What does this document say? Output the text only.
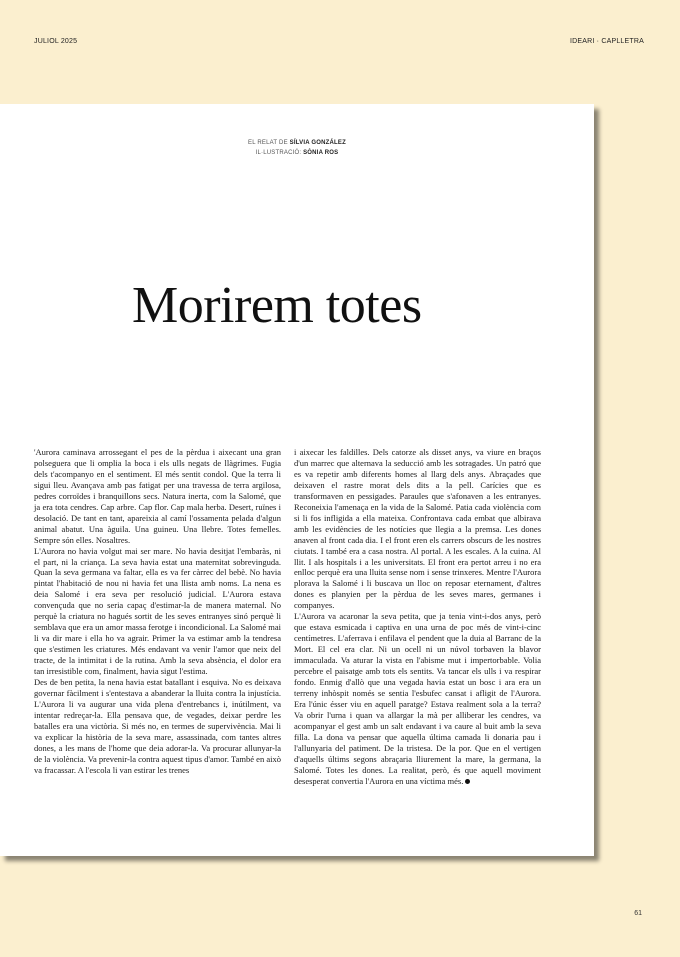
JULIOL 2025	IDEARI · CAPLLETRA
EL RELAT DE SÍLVIA GONZÁLEZ
IL·LUSTRACIÓ: SÒNIA ROS
Morirem totes

'Aurora caminava arrossegant el pes de la pèrdua i aixecant una gran polseguera que li omplia la boca i els ulls negats de llàgrimes. Fugia dels t'acompanyo en el sentiment. El més sentit condol. Que la terra li sigui lleu. Avançava amb pas fatigat per una travessa de terra argilosa, pedres corroïdes i branquillons secs. Natura inerta, com la Salomé, que ja era tota cendres. Cap arbre. Cap flor. Cap mala herba. Desert, ruïnes i desolació. De tant en tant, apareixia al camí l'ossamenta pelada d'algun animal abatut. Una àguila. Una guineu. Una llebre. Totes femelles. Sempre són elles. Nosaltres.

L'Aurora no havia volgut mai ser mare. No havia desitjat l'embaràs, ni el part, ni la criança. La seva havia estat una maternitat sobrevinguda. Quan la seva germana va faltar, ella es va fer càrrec del bebè. No havia pintat l'habitació de nou ni havia fet una llista amb noms. La nena es deia Salomé i era seva per resolució judicial. L'Aurora estava convençuda que no seria capaç d'estimar-la de manera maternal. No perquè la criatura no hagués sortit de les seves entranyes sinó perquè li semblava que era un amor massa ferotge i incondicional. La Salomé mai li va dir mare i ella ho va agrair. Primer la va estimar amb la tendresa que s'estimen les criatures. Més endavant va venir l'amor que neix del tracte, de la intimitat i de la rutina. Amb la seva absència, el dolor era tan irresistible com, finalment, havia sigut l'estima.

Des de ben petita, la nena havia estat batallant i esquiva. No es deixava governar fàcilment i s'entestava a abanderar la lluita contra la injustícia. L'Aurora li va augurar una vida plena d'entrebancs i, inútilment, va intentar redreçar-la. Ella pensava que, de vegades, deixar perdre les batalles era una victòria. Si més no, en termes de supervivència. Mai li va explicar la història de la seva mare, assassinada, com tantes altres dones, a les mans de l'home que deia adorar-la. Va procurar allunyar-la de la violència. Va prevenir-la contra aquest tipus d'amor. També en això va fracassar. A l'escola li van estirar les trenes

i aixecar les faldilles. Dels catorze als disset anys, va viure en braços d'un marrec que alternava la seducció amb les sotragades. Un patró que es va repetir amb diferents homes al llarg dels anys. Abraçades que deixaven el rastre morat dels dits a la pell. Carícies que es transformaven en pessigades. Paraules que s'afonaven a les entranyes. Reconeixia l'amenaça en la vida de la Salomé. Patia cada violència com si li fos infligida a ella mateixa. Confrontava cada embat que albirava amb les evidències de les notícies que llegia a la premsa. Les dones anaven al front cada dia. I el front eren els carrers obscurs de les nostres ciutats. I també era a casa nostra. Al portal. A les escales. A la cuina. Al llit. I als hospitals i a les universitats. El front era pertot arreu i no era enlloc perquè era una lluita sense nom i sense trinxeres. Mentre l'Aurora plorava la Salomé i li buscava un lloc on reposar eternament, d'altres dones es planyien per la pèrdua de les seves mares, germanes i companyes.

L'Aurora va acaronar la seva petita, que ja tenia vint-i-dos anys, però que estava esmicada i captiva en una urna de poc més de vint-i-cinc centímetres. L'aferrava i enfilava el pendent que la duia al Barranc de la Mort. El cel era clar. Ni un ocell ni un núvol torbaven la blavor immaculada. Va aturar la vista en l'abisme mut i impertorbable. Volia percebre el paisatge amb tots els sentits. Va tancar els ulls i va respirar fondo. Enmig d'allò que una vegada havia estat un bosc i ara era un terreny inhòspit només se sentia l'esbufec cansat i afligit de l'Aurora. Era l'únic ésser viu en aquell paratge? Estava realment sola a la terra? Va obrir l'urna i quan va allargar la mà per alliberar les cendres, va acompanyar el gest amb un salt endavant i va caure al buit amb la seva filla. La dona va pensar que aquella última camada li donaria pau i l'allunyaria del patiment. De la tristesa. De la por. Que en el vertigen d'aquells últims segons abraçaria lliurement la mare, la germana, la Salomé. Totes les dones. La realitat, però, és que aquell moviment desesperat convertia l'Aurora en una víctima més.

61
